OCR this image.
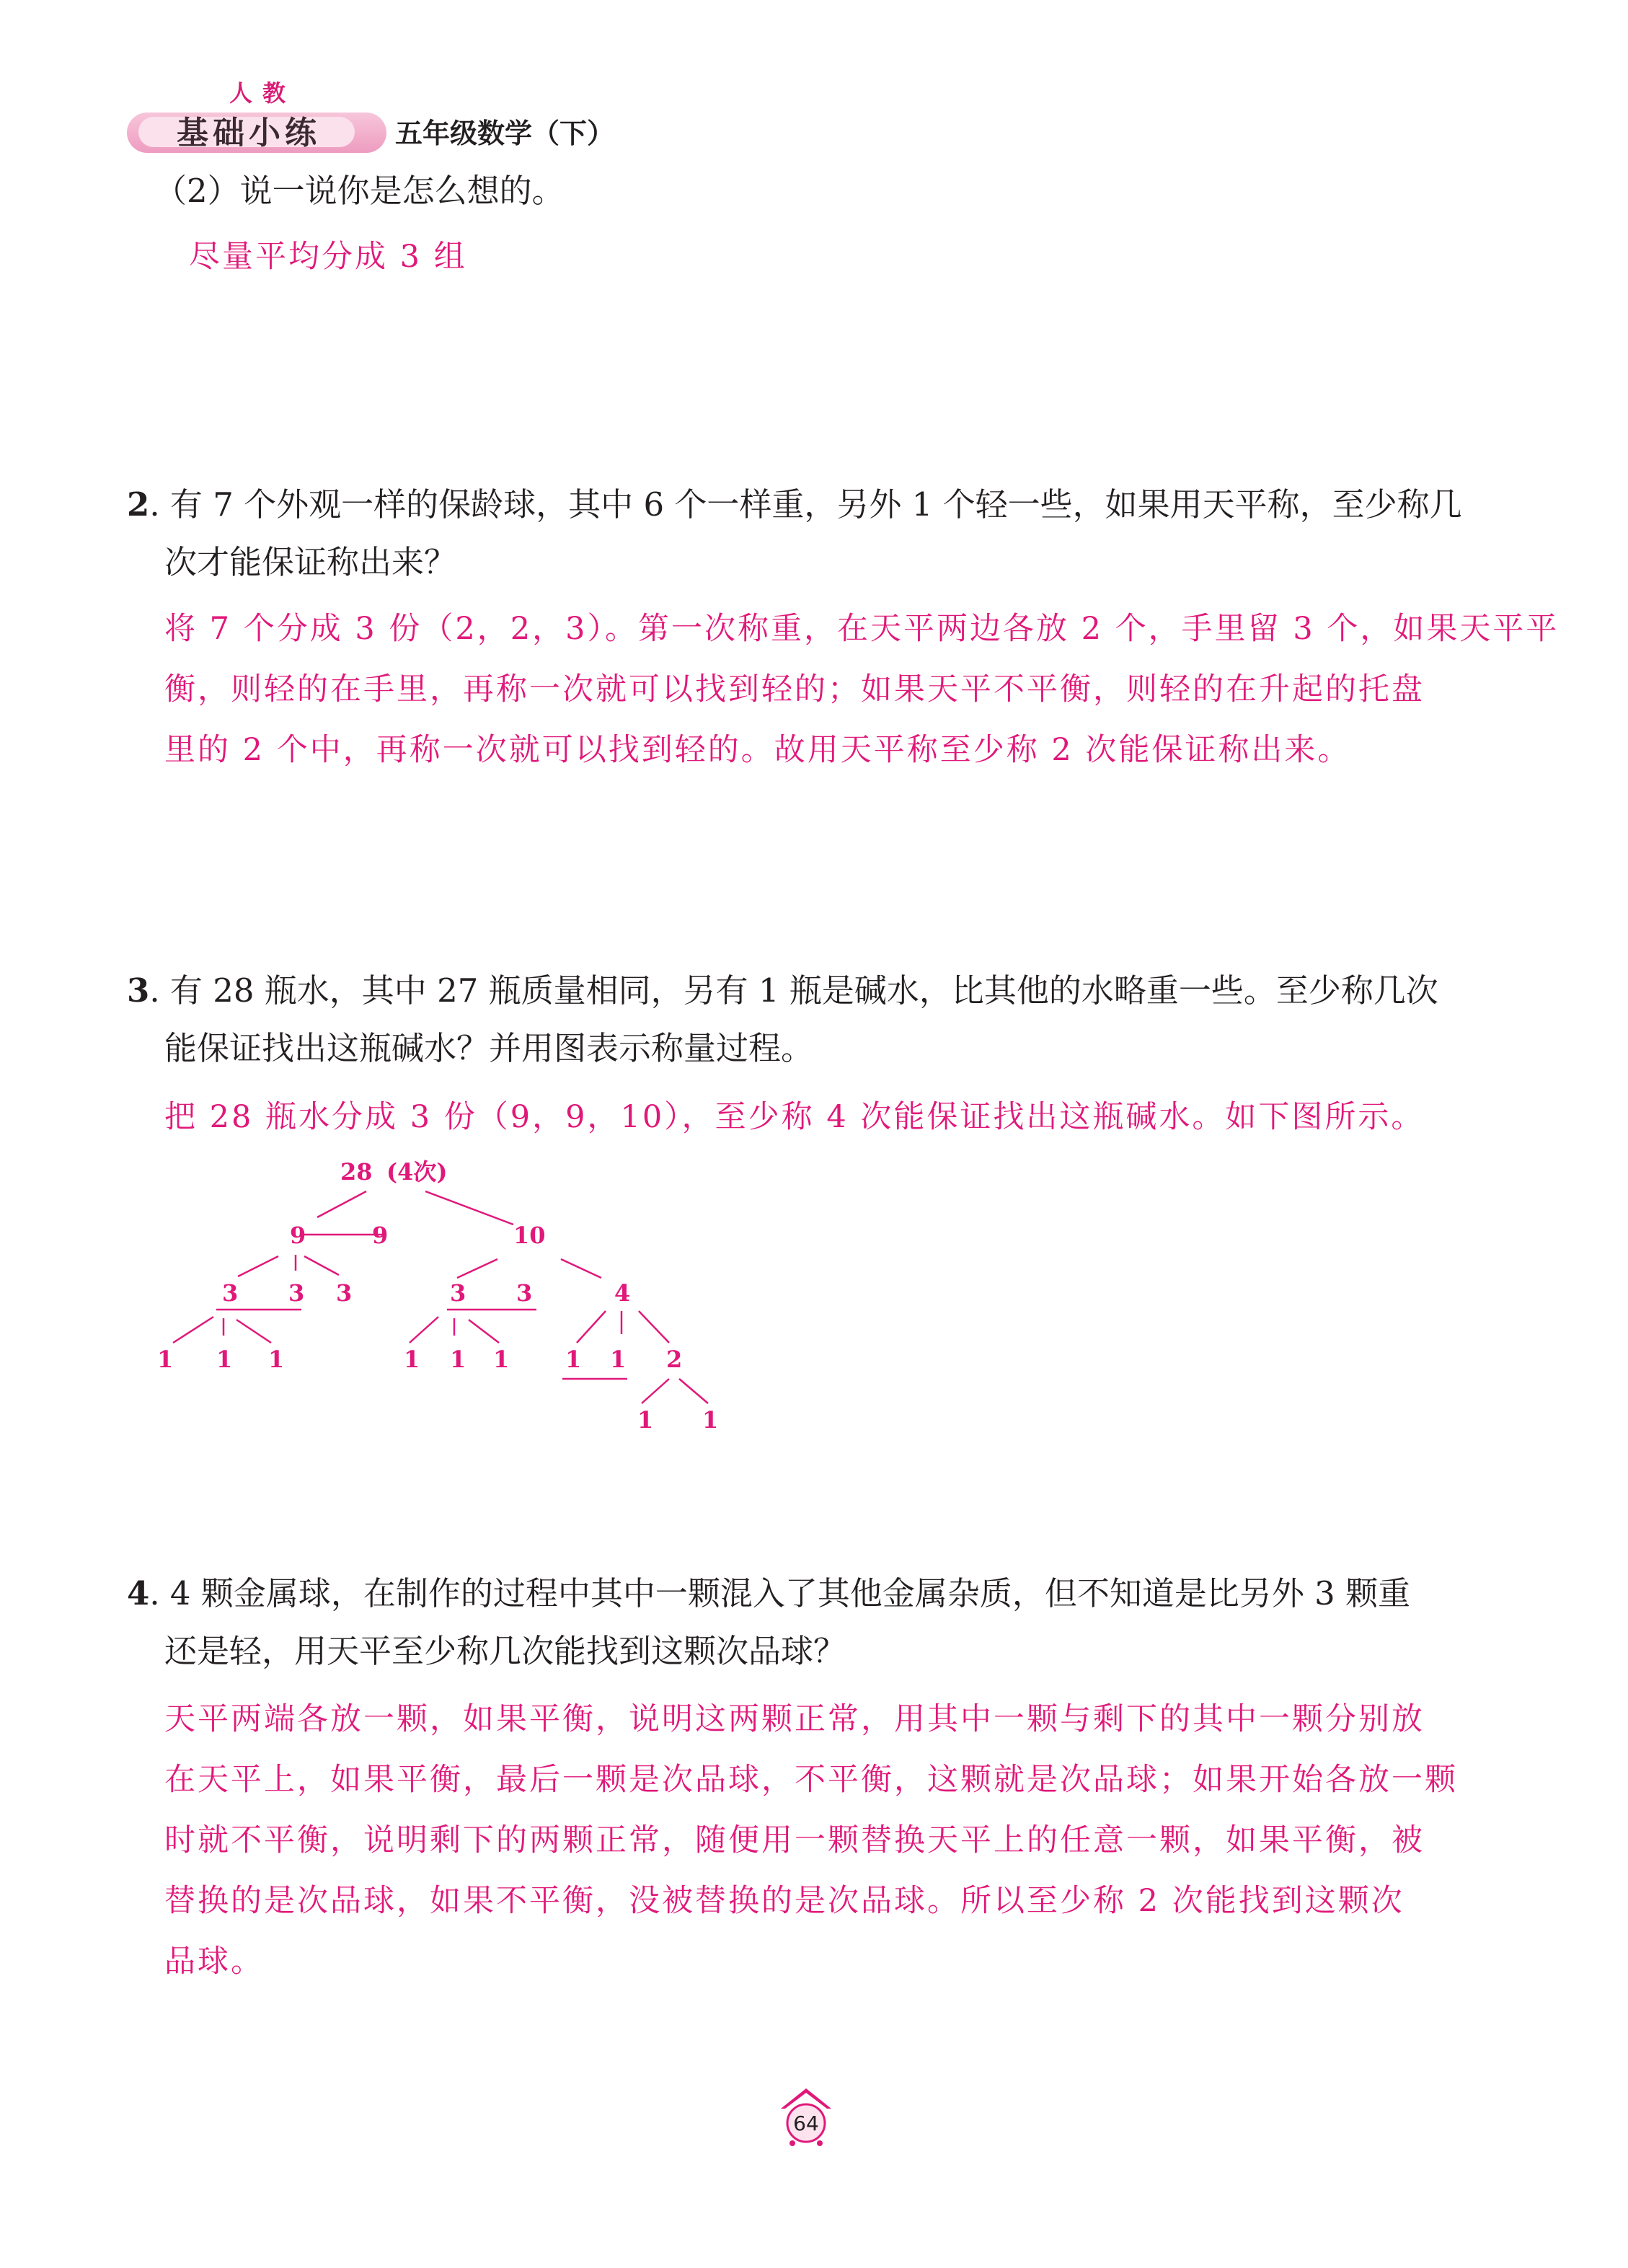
人教
基础小练	五年级数学（下）
（2）说一说你是怎么想的。
尽量平均分成 3 组
2. 有 7 个外观一样的保龄球，其中 6 个一样重，另外 1 个轻一些，如果用天平称，至少称几
次才能保证称出来？
将 7 个分成 3 份（2，2，3）。第一次称重，在天平两边各放 2 个，手里留 3 个，如果天平平
衡，则轻的在手里，再称一次就可以找到轻的；如果天平不平衡，则轻的在升起的托盘
里的 2 个中，再称一次就可以找到轻的。故用天平称至少称 2 次能保证称出来。
3. 有 28 瓶水，其中 27 瓶质量相同，另有 1 瓶是碱水，比其他的水略重一些。至少称几次
能保证找出这瓶碱水？并用图表示称量过程。
把 28 瓶水分成 3 份（9，9，10），至少称 4 次能保证找出这瓶碱水。如下图所示。
28 (4次)
9	9	10
3 3 3	3 3	4
1 1 1	1 1 1 1 1 2
1 1
4. 4 颗金属球，在制作的过程中其中一颗混入了其他金属杂质，但不知道是比另外 3 颗重
还是轻，用天平至少称几次能找到这颗次品球？
天平两端各放一颗，如果平衡，说明这两颗正常，用其中一颗与剩下的其中一颗分别放
在天平上，如果平衡，最后一颗是次品球，不平衡，这颗就是次品球；如果开始各放一颗
时就不平衡，说明剩下的两颗正常，随便用一颗替换天平上的任意一颗，如果平衡，被
替换的是次品球，如果不平衡，没被替换的是次品球。所以至少称 2 次能找到这颗次
品球。
64
